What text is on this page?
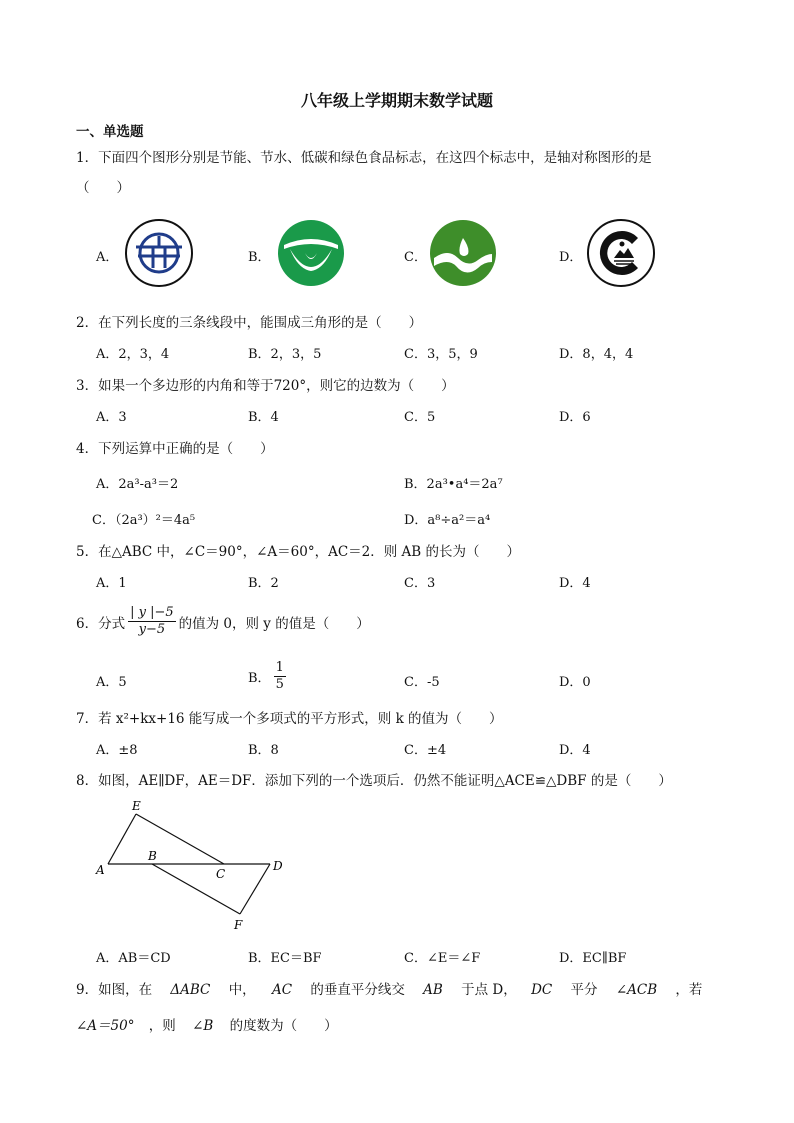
八年级上学期期末数学试题
一、单选题
1．下面四个图形分别是节能、节水、低碳和绿色食品标志，在这四个标志中，是轴对称图形的是
（　　）
A．	B．	C．	D．
2．在下列长度的三条线段中，能围成三角形的是（　　）
A．2，3，4	B．2，3，5	C．3，5，9	D．8，4，4
3．如果一个多边形的内角和等于720°，则它的边数为（　　）
A．3	B．4	C．5	D．6
4．下列运算中正确的是（　　）
A．2a³-a³＝2	B．2a³•a⁴＝2a⁷
C．（2a³）²＝4a⁵	D．a⁸÷a²＝a⁴
5．在△ABC 中，∠C＝90°，∠A＝60°，AC＝2．则 AB 的长为（　　）
A．1	B．2	C．3	D．4
6．分式 $\frac{| y |-5}{y-5}$ 的值为 0，则 y 的值是（　　）
A．5	B． $\frac{1}{5}$	C．-5	D．0
7．若 x²+kx+16 能写成一个多项式的平方形式，则 k 的值为（　　）
A．±8	B．8	C．±4	D．4
8．如图，AE∥DF，AE＝DF．添加下列的一个选项后．仍然不能证明△ACE≌△DBF 的是（　　）
E
A
B
C
D
F
A．AB＝CD	B．EC＝BF	C．∠E＝∠F	D．EC∥BF
9．如图，在 ΔABC 中， AC 的垂直平分线交 AB 于点 D， DC 平分 ∠ACB ，若
∠A＝50° ，则 ∠B 的度数为（　　）
